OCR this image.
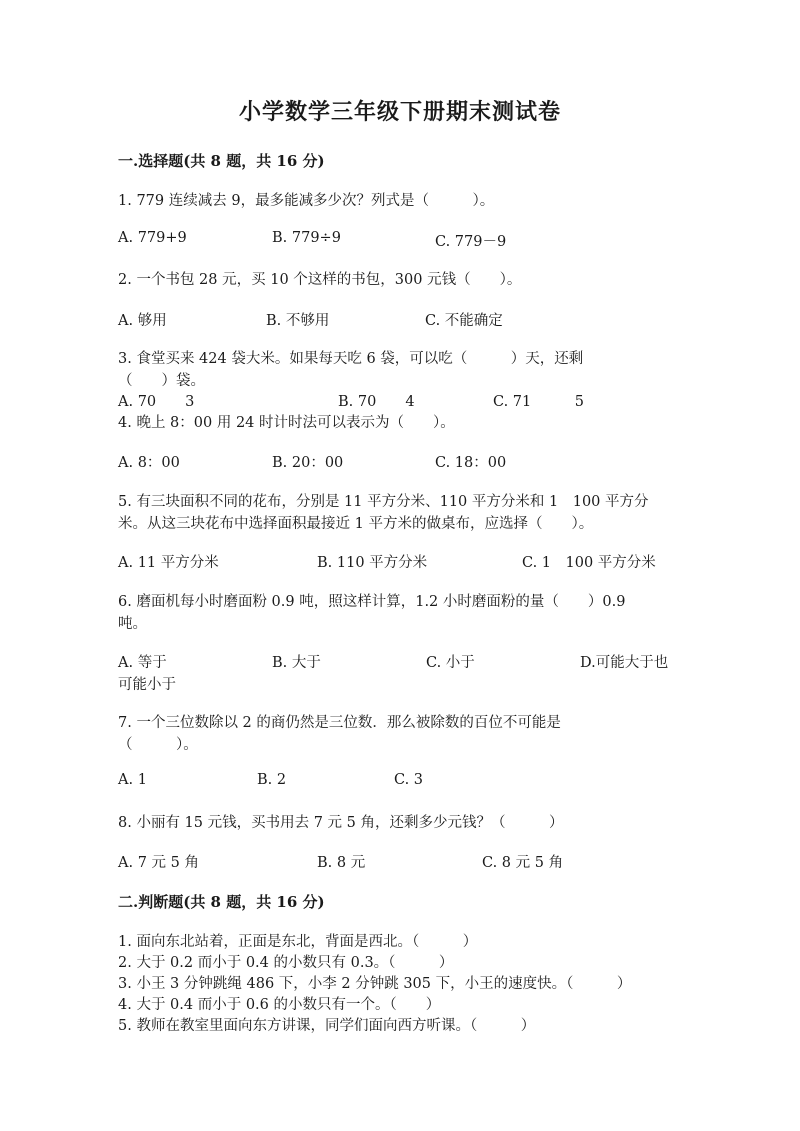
小学数学三年级下册期末测试卷
一.选择题(共 8 题，共 16 分)
1. 779 连续减去 9，最多能减多少次？列式是（　　　）。
A. 779+9	B. 779÷9	C. 779－9
2. 一个书包 28 元，买 10 个这样的书包，300 元钱（　　）。
A. 够用	B. 不够用	C. 不能确定
3. 食堂买来 424 袋大米。如果每天吃 6 袋，可以吃（　　　）天，还剩
（　　）袋。
A. 70　　3	B. 70　　4	C. 71　　　5
4. 晚上 8：00 用 24 时计时法可以表示为（　　）。
A. 8：00	B. 20：00	C. 18：00
5. 有三块面积不同的花布，分别是 11 平方分米、110 平方分米和 1　100 平方分
米。从这三块花布中选择面积最接近 1 平方米的做桌布，应选择（　　）。
A. 11 平方分米	B. 110 平方分米	C. 1　100 平方分米
6. 磨面机每小时磨面粉 0.9 吨，照这样计算，1.2 小时磨面粉的量（　　）0.9
吨。
A. 等于	B. 大于	C. 小于	D.可能大于也
可能小于
7. 一个三位数除以 2 的商仍然是三位数．那么被除数的百位不可能是
（　　　）。
A. 1	B. 2	C. 3
8. 小丽有 15 元钱，买书用去 7 元 5 角，还剩多少元钱？（　　　）
A. 7 元 5 角	B. 8 元	C. 8 元 5 角
二.判断题(共 8 题，共 16 分)
1. 面向东北站着，正面是东北，背面是西北。（　　　）
2. 大于 0.2 而小于 0.4 的小数只有 0.3。（　　　）
3. 小王 3 分钟跳绳 486 下，小李 2 分钟跳 305 下，小王的速度快。（　　　）
4. 大于 0.4 而小于 0.6 的小数只有一个。（　　）
5. 教师在教室里面向东方讲课，同学们面向西方听课。（　　　）
